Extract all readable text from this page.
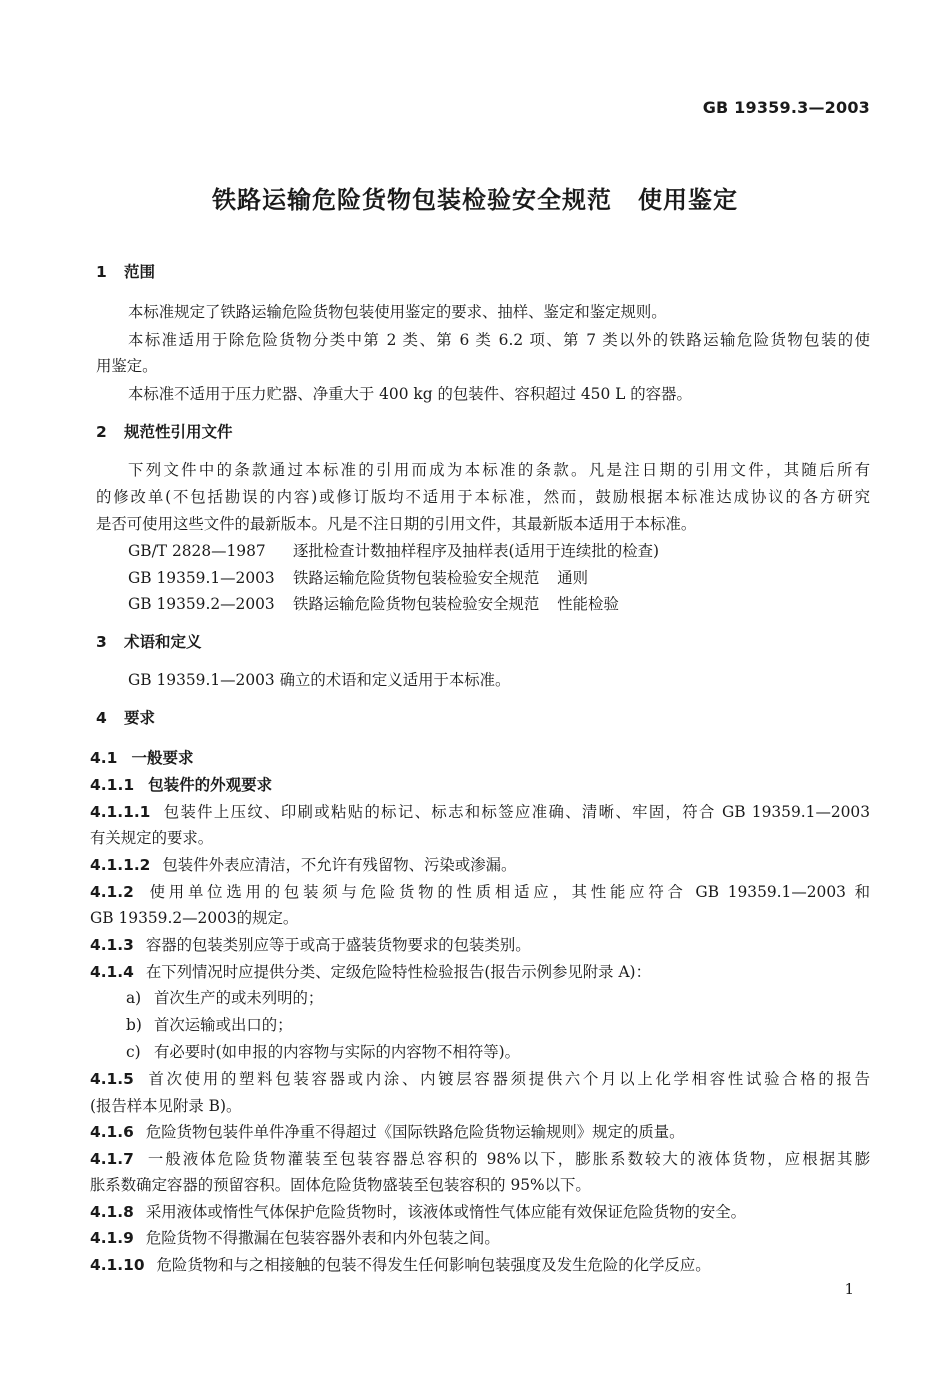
GB 19359.3—2003
铁路运输危险货物包装检验安全规范 使用鉴定
1 范围
本标准规定了铁路运输危险货物包装使用鉴定的要求、抽样、鉴定和鉴定规则。
本标准适用于除危险货物分类中第 2 类、第 6 类 6.2 项、第 7 类以外的铁路运输危险货物包装的使
用鉴定。
本标准不适用于压力贮器、净重大于 400 kg 的包装件、容积超过 450 L 的容器。
2 规范性引用文件
下列文件中的条款通过本标准的引用而成为本标准的条款。凡是注日期的引用文件，其随后所有
的修改单(不包括勘误的内容)或修订版均不适用于本标准，然而，鼓励根据本标准达成协议的各方研究
是否可使用这些文件的最新版本。凡是不注日期的引用文件，其最新版本适用于本标准。
GB/T 2828—1987 逐批检查计数抽样程序及抽样表(适用于连续批的检查)
GB 19359.1—2003 铁路运输危险货物包装检验安全规范 通则
GB 19359.2—2003 铁路运输危险货物包装检验安全规范 性能检验
3 术语和定义
GB 19359.1—2003 确立的术语和定义适用于本标准。
4 要求
4.1 一般要求
4.1.1 包装件的外观要求
4.1.1.1 包装件上压纹、印刷或粘贴的标记、标志和标签应准确、清晰、牢固，符合 GB 19359.1—2003
有关规定的要求。
4.1.1.2 包装件外表应清洁，不允许有残留物、污染或渗漏。
4.1.2 使用单位选用的包装须与危险货物的性质相适应，其性能应符合 GB 19359.1—2003 和
GB 19359.2—2003的规定。
4.1.3 容器的包装类别应等于或高于盛装货物要求的包装类别。
4.1.4 在下列情况时应提供分类、定级危险特性检验报告(报告示例参见附录 A)：
a) 首次生产的或未列明的；
b) 首次运输或出口的；
c) 有必要时(如申报的内容物与实际的内容物不相符等)。
4.1.5 首次使用的塑料包装容器或内涂、内镀层容器须提供六个月以上化学相容性试验合格的报告
(报告样本见附录 B)。
4.1.6 危险货物包装件单件净重不得超过《国际铁路危险货物运输规则》规定的质量。
4.1.7 一般液体危险货物灌装至包装容器总容积的 98%以下，膨胀系数较大的液体货物，应根据其膨
胀系数确定容器的预留容积。固体危险货物盛装至包装容积的 95%以下。
4.1.8 采用液体或惰性气体保护危险货物时，该液体或惰性气体应能有效保证危险货物的安全。
4.1.9 危险货物不得撒漏在包装容器外表和内外包装之间。
4.1.10 危险货物和与之相接触的包装不得发生任何影响包装强度及发生危险的化学反应。
1
